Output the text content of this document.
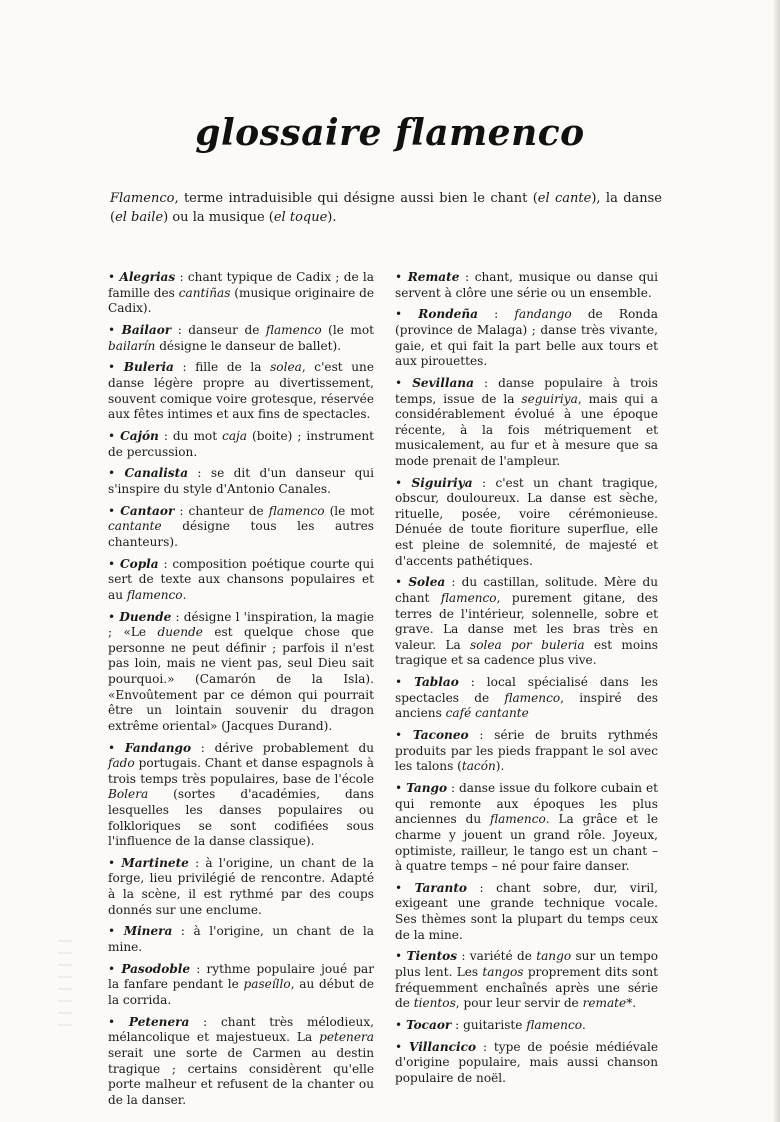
glossaire flamenco
Flamenco, terme intraduisible qui désigne aussi bien le chant (el cante), la danse (el baile) ou la musique (el toque).
• Alegrias : chant typique de Cadix ; de la famille des cantiñas (musique originaire de Cadix).
• Bailaor : danseur de flamenco (le mot bailarín désigne le danseur de ballet).
• Buleria : fille de la solea, c'est une danse légère propre au divertissement, souvent comique voire grotesque, réservée aux fêtes intimes et aux fins de spectacles.
• Cajón : du mot caja (boite) ; instrument de percussion.
• Canalista : se dit d'un danseur qui s'inspire du style d'Antonio Canales.
• Cantaor : chanteur de flamenco (le mot cantante désigne tous les autres chanteurs).
• Copla : composition poétique courte qui sert de texte aux chansons populaires et au flamenco.
• Duende : désigne l 'inspiration, la magie ; «Le duende est quelque chose que personne ne peut définir ; parfois il n'est pas loin, mais ne vient pas, seul Dieu sait pourquoi.» (Camarón de la Isla). «Envoûtement par ce démon qui pourrait être un lointain souvenir du dragon extrême oriental» (Jacques Durand).
• Fandango : dérive probablement du fado portugais. Chant et danse espagnols à trois temps très populaires, base de l'école Bolera (sortes d'académies, dans lesquelles les danses populaires ou folkloriques se sont codifiées sous l'influence de la danse classique).
• Martinete : à l'origine, un chant de la forge, lieu privilégié de rencontre. Adapté à la scène, il est rythmé par des coups donnés sur une enclume.
• Minera : à l'origine, un chant de la mine.
• Pasodoble : rythme populaire joué par la fanfare pendant le paseíllo, au début de la corrida.
• Petenera : chant très mélodieux, mélancolique et majestueux. La petenera serait une sorte de Carmen au destin tragique ; certains considèrent qu'elle porte malheur et refusent de la chanter ou de la danser.
• Remate : chant, musique ou danse qui servent à clôre une série ou un ensemble.
• Rondeña : fandango de Ronda (province de Malaga) ; danse très vivante, gaie, et qui fait la part belle aux tours et aux pirouettes.
• Sevillana : danse populaire à trois temps, issue de la seguiriya, mais qui a considérablement évolué à une époque récente, à la fois métriquement et musicalement, au fur et à mesure que sa mode prenait de l'ampleur.
• Siguiriya : c'est un chant tragique, obscur, douloureux. La danse est sèche, rituelle, posée, voire cérémonieuse. Dénuée de toute fioriture superflue, elle est pleine de solemnité, de majesté et d'accents pathétiques.
• Solea : du castillan, solitude. Mère du chant flamenco, purement gitane, des terres de l'intérieur, solennelle, sobre et grave. La danse met les bras très en valeur. La solea por buleria est moins tragique et sa cadence plus vive.
• Tablao : local spécialisé dans les spectacles de flamenco, inspiré des anciens café cantante
• Taconeo : série de bruits rythmés produits par les pieds frappant le sol avec les talons (tacón).
• Tango : danse issue du folkore cubain et qui remonte aux époques les plus anciennes du flamenco. La grâce et le charme y jouent un grand rôle. Joyeux, optimiste, railleur, le tango est un chant – à quatre temps – né pour faire danser.
• Taranto : chant sobre, dur, viril, exigeant une grande technique vocale. Ses thèmes sont la plupart du temps ceux de la mine.
• Tientos : variété de tango sur un tempo plus lent. Les tangos proprement dits sont fréquemment enchaînés après une série de tientos, pour leur servir de remate*.
• Tocaor : guitariste flamenco.
• Villancico : type de poésie médiévale d'origine populaire, mais aussi chanson populaire de noël.
